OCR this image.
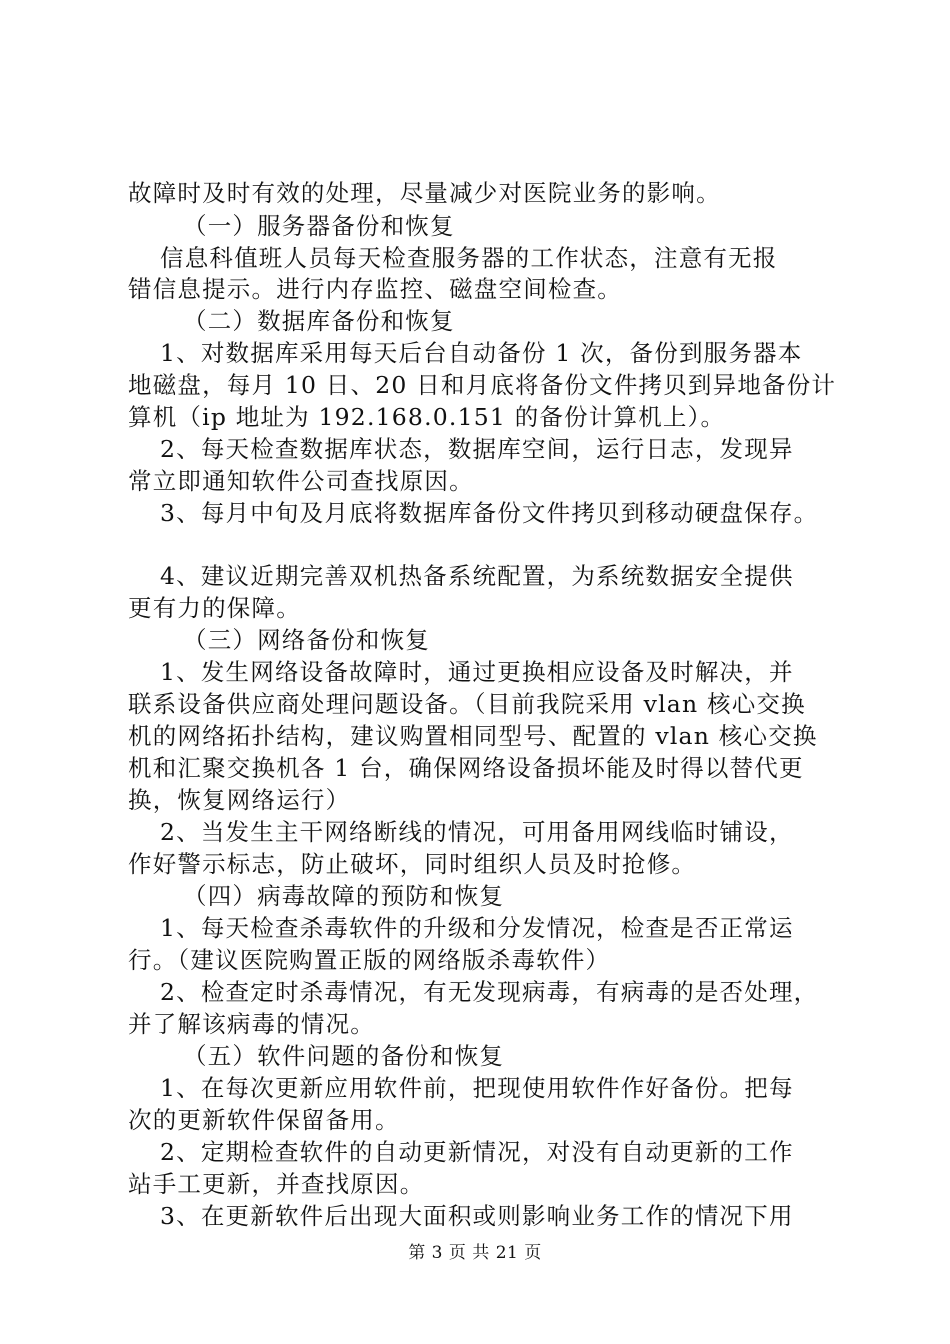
故障时及时有效的处理，尽量减少对医院业务的影响。
（一）服务器备份和恢复
信息科值班人员每天检查服务器的工作状态，注意有无报
错信息提示。进行内存监控、磁盘空间检查。
（二）数据库备份和恢复
1、对数据库采用每天后台自动备份 1 次，备份到服务器本
地磁盘，每月 10 日、20 日和月底将备份文件拷贝到异地备份计
算机（ip 地址为 192.168.0.151 的备份计算机上）。
2、每天检查数据库状态，数据库空间，运行日志，发现异
常立即通知软件公司查找原因。
3、每月中旬及月底将数据库备份文件拷贝到移动硬盘保存。
4、建议近期完善双机热备系统配置，为系统数据安全提供
更有力的保障。
（三）网络备份和恢复
1、发生网络设备故障时，通过更换相应设备及时解决，并
联系设备供应商处理问题设备。（目前我院采用 vlan 核心交换
机的网络拓扑结构，建议购置相同型号、配置的 vlan 核心交换
机和汇聚交换机各 1 台，确保网络设备损坏能及时得以替代更
换，恢复网络运行）
2、当发生主干网络断线的情况，可用备用网线临时铺设，
作好警示标志，防止破坏，同时组织人员及时抢修。
（四）病毒故障的预防和恢复
1、每天检查杀毒软件的升级和分发情况，检查是否正常运
行。（建议医院购置正版的网络版杀毒软件）
2、检查定时杀毒情况，有无发现病毒，有病毒的是否处理，
并了解该病毒的情况。
（五）软件问题的备份和恢复
1、在每次更新应用软件前，把现使用软件作好备份。把每
次的更新软件保留备用。
2、定期检查软件的自动更新情况，对没有自动更新的工作
站手工更新，并查找原因。
3、在更新软件后出现大面积或则影响业务工作的情况下用
第 3 页 共 21 页
